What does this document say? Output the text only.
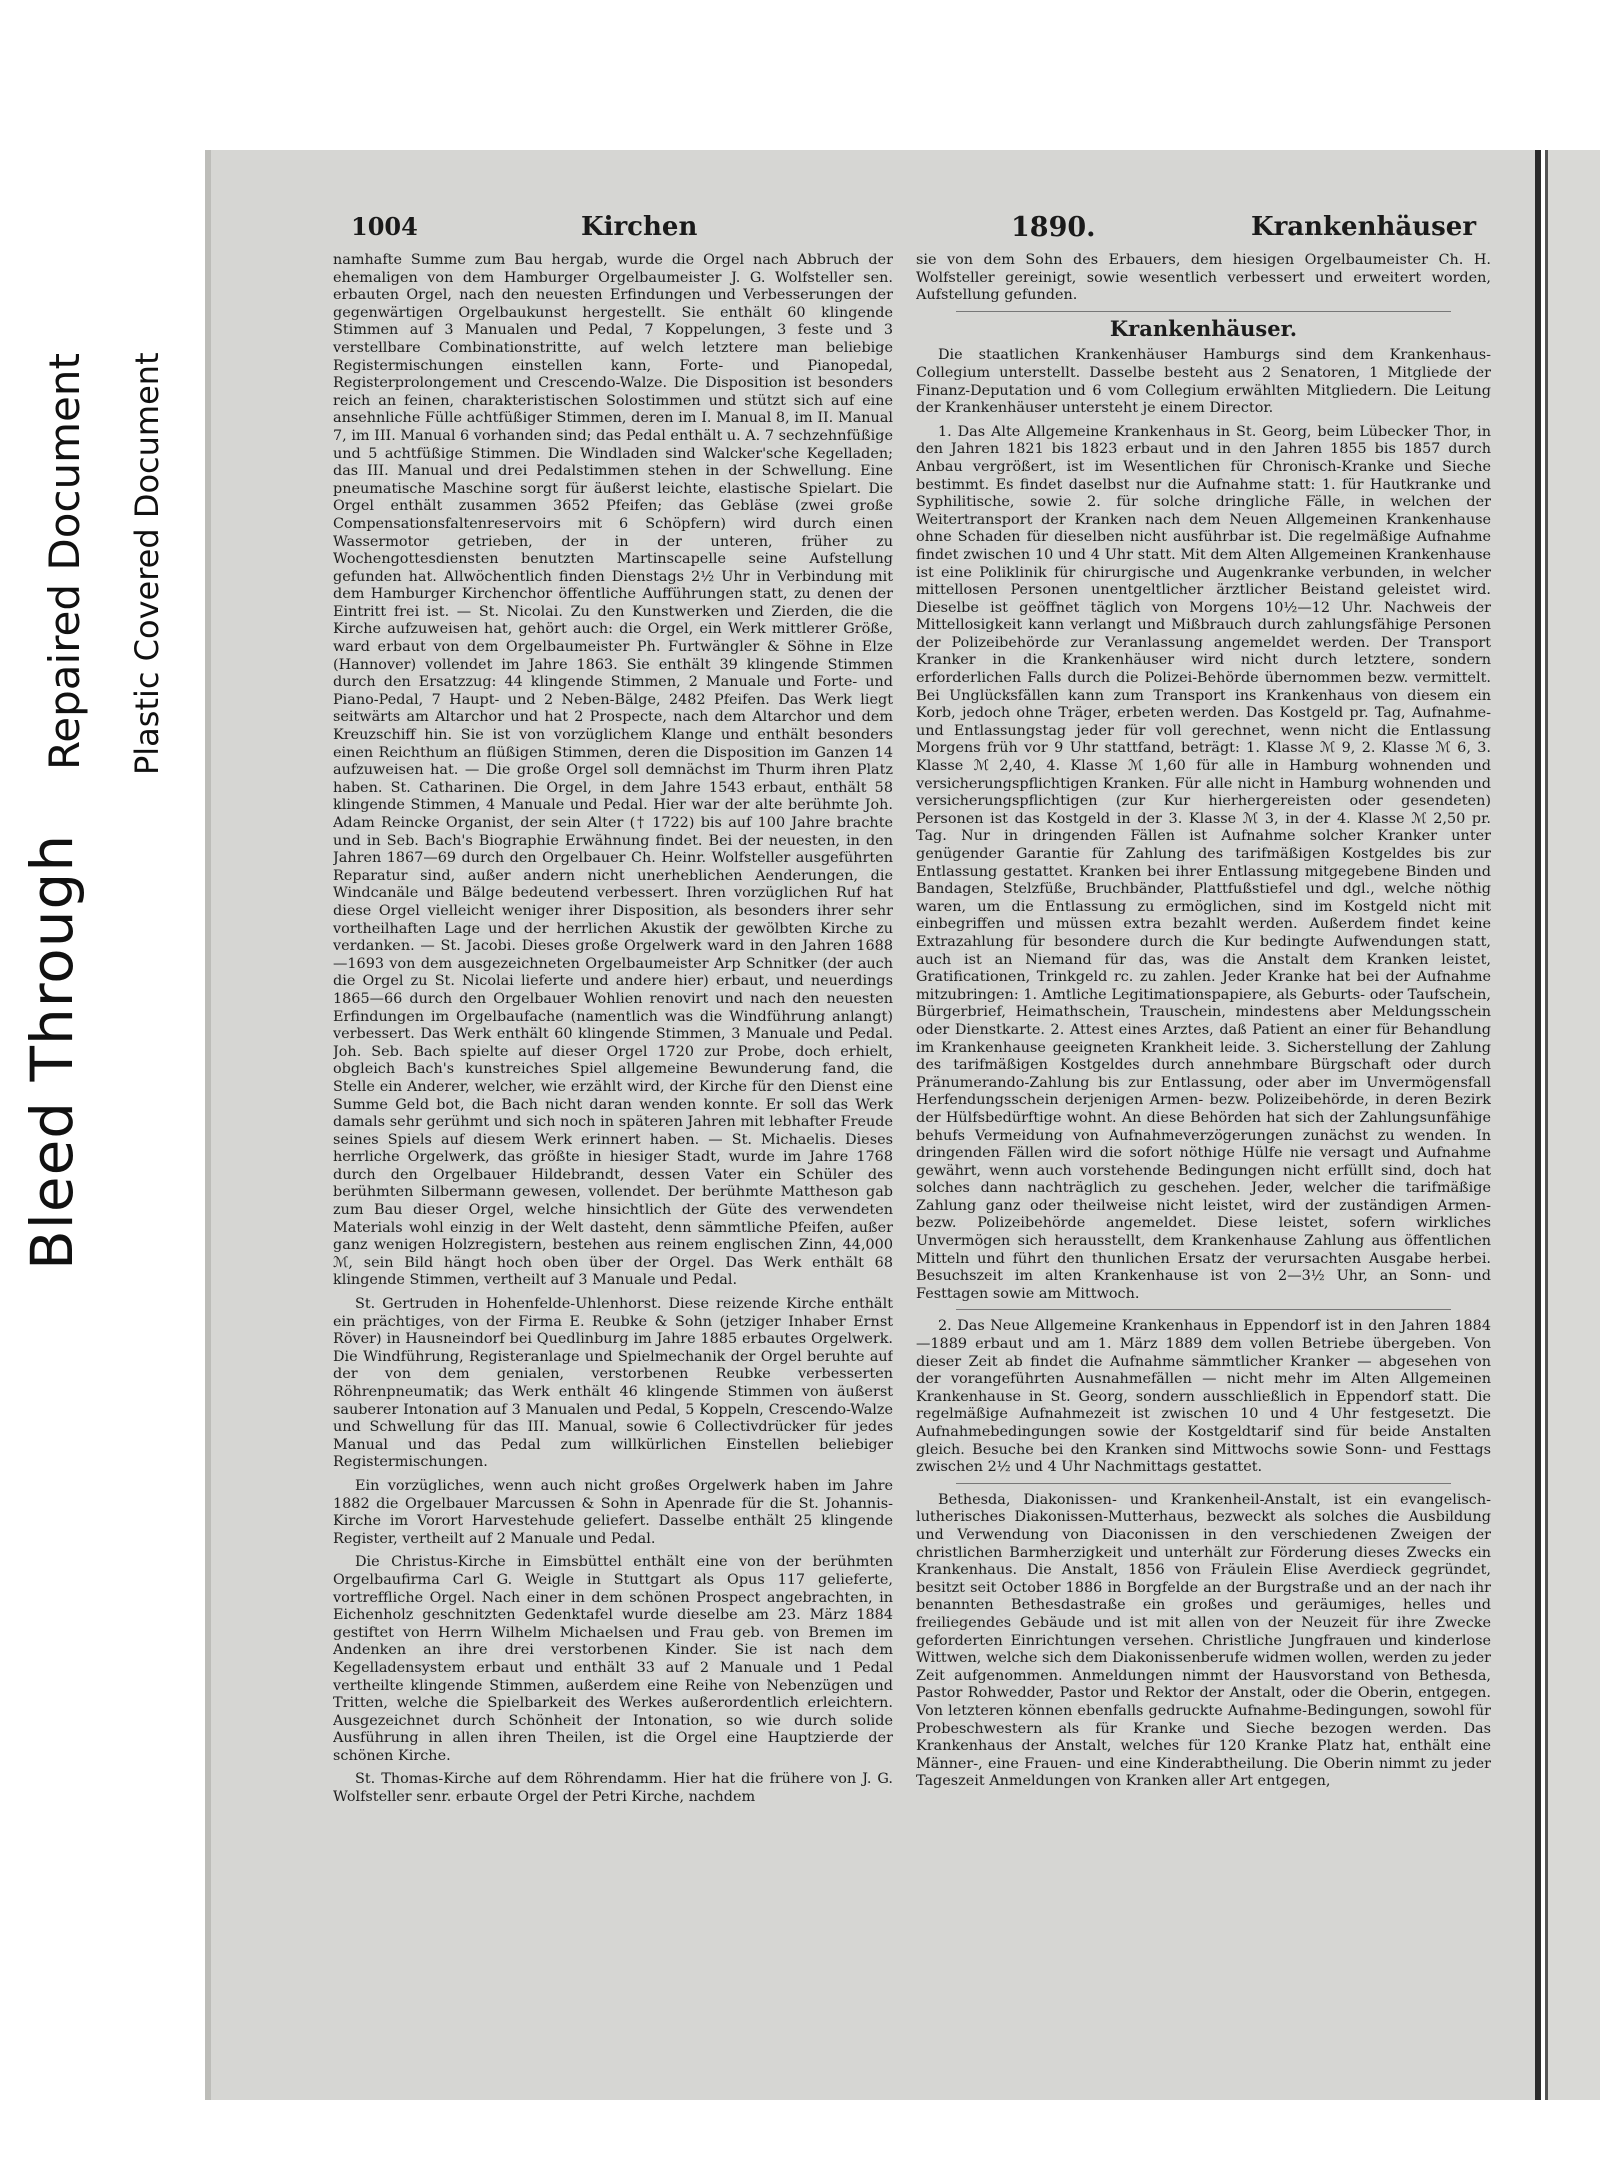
Bleed Through
Repaired Document Plastic Covered Document
1004	Kirchen	1890.	Krankenhäuser

namhafte Summe zum Bau hergab, wurde die Orgel nach Abbruch der ehemaligen von dem Hamburger Orgelbaumeister J. G. Wolfsteller sen. erbauten Orgel, nach den neuesten Erfindungen und Verbesserungen der gegenwärtigen Orgelbaukunst hergestellt. Sie enthält 60 klingende Stimmen auf 3 Manualen und Pedal, 7 Koppelungen, 3 feste und 3 verstellbare Combinationstritte, auf welch letztere man beliebige Registermischungen einstellen kann, Forte- und Pianopedal, Registerprolongement und Crescendo-Walze. Die Disposition ist besonders reich an feinen, charakteristischen Solostimmen und stützt sich auf eine ansehnliche Fülle achtfüßiger Stimmen, deren im I. Manual 8, im II. Manual 7, im III. Manual 6 vorhanden sind; das Pedal enthält u. A. 7 sechzehnfüßige und 5 achtfüßige Stimmen. Die Windladen sind Walcker'sche Kegelladen; das III. Manual und drei Pedalstimmen stehen in der Schwellung. Eine pneumatische Maschine sorgt für äußerst leichte, elastische Spielart. Die Orgel enthält zusammen 3652 Pfeifen; das Gebläse (zwei große Compensationsfaltenreservoirs mit 6 Schöpfern) wird durch einen Wassermotor getrieben, der in der unteren, früher zu Wochengottesdiensten benutzten Martinscapelle seine Aufstellung gefunden hat. Allwöchentlich finden Dienstags 2½ Uhr in Verbindung mit dem Hamburger Kirchenchor öffentliche Aufführungen statt, zu denen der Eintritt frei ist. — St. Nicolai. Zu den Kunstwerken und Zierden, die die Kirche aufzuweisen hat, gehört auch: die Orgel, ein Werk mittlerer Größe, ward erbaut von dem Orgelbaumeister Ph. Furtwängler & Söhne in Elze (Hannover) vollendet im Jahre 1863. Sie enthält 39 klingende Stimmen durch den Ersatzzug: 44 klingende Stimmen, 2 Manuale und Forte- und Piano-Pedal, 7 Haupt- und 2 Neben-Bälge, 2482 Pfeifen. Das Werk liegt seitwärts am Altarchor und hat 2 Prospecte, nach dem Altarchor und dem Kreuzschiff hin. Sie ist von vorzüglichem Klange und enthält besonders einen Reichthum an flüßigen Stimmen, deren die Disposition im Ganzen 14 aufzuweisen hat. — Die große Orgel soll demnächst im Thurm ihren Platz haben. St. Catharinen. Die Orgel, in dem Jahre 1543 erbaut, enthält 58 klingende Stimmen, 4 Manuale und Pedal. Hier war der alte berühmte Joh. Adam Reincke Organist, der sein Alter († 1722) bis auf 100 Jahre brachte und in Seb. Bach's Biographie Erwähnung findet. Bei der neuesten, in den Jahren 1867—69 durch den Orgelbauer Ch. Heinr. Wolfsteller ausgeführten Reparatur sind, außer andern nicht unerheblichen Aenderungen, die Windcanäle und Bälge bedeutend verbessert. Ihren vorzüglichen Ruf hat diese Orgel vielleicht weniger ihrer Disposition, als besonders ihrer sehr vortheilhaften Lage und der herrlichen Akustik der gewölbten Kirche zu verdanken. — St. Jacobi. Dieses große Orgelwerk ward in den Jahren 1688—1693 von dem ausgezeichneten Orgelbaumeister Arp Schnitker (der auch die Orgel zu St. Nicolai lieferte und andere hier) erbaut, und neuerdings 1865—66 durch den Orgelbauer Wohlien renovirt und nach den neuesten Erfindungen im Orgelbaufache (namentlich was die Windführung anlangt) verbessert. Das Werk enthält 60 klingende Stimmen, 3 Manuale und Pedal. Joh. Seb. Bach spielte auf dieser Orgel 1720 zur Probe, doch erhielt, obgleich Bach's kunstreiches Spiel allgemeine Bewunderung fand, die Stelle ein Anderer, welcher, wie erzählt wird, der Kirche für den Dienst eine Summe Geld bot, die Bach nicht daran wenden konnte. Er soll das Werk damals sehr gerühmt und sich noch in späteren Jahren mit lebhafter Freude seines Spiels auf diesem Werk erinnert haben. — St. Michaelis. Dieses herrliche Orgelwerk, das größte in hiesiger Stadt, wurde im Jahre 1768 durch den Orgelbauer Hildebrandt, dessen Vater ein Schüler des berühmten Silbermann gewesen, vollendet. Der berühmte Mattheson gab zum Bau dieser Orgel, welche hinsichtlich der Güte des verwendeten Materials wohl einzig in der Welt dasteht, denn sämmtliche Pfeifen, außer ganz wenigen Holzregistern, bestehen aus reinem englischen Zinn, 44,000 ℳ, sein Bild hängt hoch oben über der Orgel. Das Werk enthält 68 klingende Stimmen, vertheilt auf 3 Manuale und Pedal.

St. Gertruden in Hohenfelde-Uhlenhorst. Diese reizende Kirche enthält ein prächtiges, von der Firma E. Reubke & Sohn (jetziger Inhaber Ernst Röver) in Hausneindorf bei Quedlinburg im Jahre 1885 erbautes Orgelwerk. Die Windführung, Registeranlage und Spielmechanik der Orgel beruhte auf der von dem genialen, verstorbenen Reubke verbesserten Röhrenpneumatik; das Werk enthält 46 klingende Stimmen von äußerst sauberer Intonation auf 3 Manualen und Pedal, 5 Koppeln, Crescendo-Walze und Schwellung für das III. Manual, sowie 6 Collectivdrücker für jedes Manual und das Pedal zum willkürlichen Einstellen beliebiger Registermischungen.

Ein vorzügliches, wenn auch nicht großes Orgelwerk haben im Jahre 1882 die Orgelbauer Marcussen & Sohn in Apenrade für die St. Johannis-Kirche im Vorort Harvestehude geliefert. Dasselbe enthält 25 klingende Register, vertheilt auf 2 Manuale und Pedal.

Die Christus-Kirche in Eimsbüttel enthält eine von der berühmten Orgelbaufirma Carl G. Weigle in Stuttgart als Opus 117 gelieferte, vortreffliche Orgel. Nach einer in dem schönen Prospect angebrachten, in Eichenholz geschnitzten Gedenktafel wurde dieselbe am 23. März 1884 gestiftet von Herrn Wilhelm Michaelsen und Frau geb. von Bremen im Andenken an ihre drei verstorbenen Kinder. Sie ist nach dem Kegelladensystem erbaut und enthält 33 auf 2 Manuale und 1 Pedal vertheilte klingende Stimmen, außerdem eine Reihe von Nebenzügen und Tritten, welche die Spielbarkeit des Werkes außerordentlich erleichtern. Ausgezeichnet durch Schönheit der Intonation, so wie durch solide Ausführung in allen ihren Theilen, ist die Orgel eine Hauptzierde der schönen Kirche.

St. Thomas-Kirche auf dem Röhrendamm. Hier hat die frühere von J. G. Wolfsteller senr. erbaute Orgel der Petri Kirche, nachdem

sie von dem Sohn des Erbauers, dem hiesigen Orgelbaumeister Ch. H. Wolfsteller gereinigt, sowie wesentlich verbessert und erweitert worden, Aufstellung gefunden.

Krankenhäuser.

Die staatlichen Krankenhäuser Hamburgs sind dem Krankenhaus-Collegium unterstellt. Dasselbe besteht aus 2 Senatoren, 1 Mitgliede der Finanz-Deputation und 6 vom Collegium erwählten Mitgliedern. Die Leitung der Krankenhäuser untersteht je einem Director.

1. Das Alte Allgemeine Krankenhaus in St. Georg, beim Lübecker Thor, in den Jahren 1821 bis 1823 erbaut und in den Jahren 1855 bis 1857 durch Anbau vergrößert, ist im Wesentlichen für Chronisch-Kranke und Sieche bestimmt. Es findet daselbst nur die Aufnahme statt: 1. für Hautkranke und Syphilitische, sowie 2. für solche dringliche Fälle, in welchen der Weitertransport der Kranken nach dem Neuen Allgemeinen Krankenhause ohne Schaden für dieselben nicht ausführbar ist. Die regelmäßige Aufnahme findet zwischen 10 und 4 Uhr statt. Mit dem Alten Allgemeinen Krankenhause ist eine Poliklinik für chirurgische und Augenkranke verbunden, in welcher mittellosen Personen unentgeltlicher ärztlicher Beistand geleistet wird. Dieselbe ist geöffnet täglich von Morgens 10½—12 Uhr. Nachweis der Mittellosigkeit kann verlangt und Mißbrauch durch zahlungsfähige Personen der Polizeibehörde zur Veranlassung angemeldet werden. Der Transport Kranker in die Krankenhäuser wird nicht durch letztere, sondern erforderlichen Falls durch die Polizei-Behörde übernommen bezw. vermittelt. Bei Unglücksfällen kann zum Transport ins Krankenhaus von diesem ein Korb, jedoch ohne Träger, erbeten werden. Das Kostgeld pr. Tag, Aufnahme- und Entlassungstag jeder für voll gerechnet, wenn nicht die Entlassung Morgens früh vor 9 Uhr stattfand, beträgt: 1. Klasse ℳ 9, 2. Klasse ℳ 6, 3. Klasse ℳ 2,40, 4. Klasse ℳ 1,60 für alle in Hamburg wohnenden und versicherungspflichtigen Kranken. Für alle nicht in Hamburg wohnenden und versicherungspflichtigen (zur Kur hierhergereisten oder gesendeten) Personen ist das Kostgeld in der 3. Klasse ℳ 3, in der 4. Klasse ℳ 2,50 pr. Tag. Nur in dringenden Fällen ist Aufnahme solcher Kranker unter genügender Garantie für Zahlung des tarifmäßigen Kostgeldes bis zur Entlassung gestattet. Kranken bei ihrer Entlassung mitgegebene Binden und Bandagen, Stelzfüße, Bruchbänder, Plattfußstiefel und dgl., welche nöthig waren, um die Entlassung zu ermöglichen, sind im Kostgeld nicht mit einbegriffen und müssen extra bezahlt werden. Außerdem findet keine Extrazahlung für besondere durch die Kur bedingte Aufwendungen statt, auch ist an Niemand für das, was die Anstalt dem Kranken leistet, Gratificationen, Trinkgeld rc. zu zahlen. Jeder Kranke hat bei der Aufnahme mitzubringen: 1. Amtliche Legitimationspapiere, als Geburts- oder Taufschein, Bürgerbrief, Heimathschein, Trauschein, mindestens aber Meldungsschein oder Dienstkarte. 2. Attest eines Arztes, daß Patient an einer für Behandlung im Krankenhause geeigneten Krankheit leide. 3. Sicherstellung der Zahlung des tarifmäßigen Kostgeldes durch annehmbare Bürgschaft oder durch Pränumerando-Zahlung bis zur Entlassung, oder aber im Unvermögensfall Herfendungsschein derjenigen Armen- bezw. Polizeibehörde, in deren Bezirk der Hülfsbedürftige wohnt. An diese Behörden hat sich der Zahlungsunfähige behufs Vermeidung von Aufnahmeverzögerungen zunächst zu wenden. In dringenden Fällen wird die sofort nöthige Hülfe nie versagt und Aufnahme gewährt, wenn auch vorstehende Bedingungen nicht erfüllt sind, doch hat solches dann nachträglich zu geschehen. Jeder, welcher die tarifmäßige Zahlung ganz oder theilweise nicht leistet, wird der zuständigen Armen- bezw. Polizeibehörde angemeldet. Diese leistet, sofern wirkliches Unvermögen sich herausstellt, dem Krankenhause Zahlung aus öffentlichen Mitteln und führt den thunlichen Ersatz der verursachten Ausgabe herbei. Besuchszeit im alten Krankenhause ist von 2—3½ Uhr, an Sonn- und Festtagen sowie am Mittwoch.

2. Das Neue Allgemeine Krankenhaus in Eppendorf ist in den Jahren 1884—1889 erbaut und am 1. März 1889 dem vollen Betriebe übergeben. Von dieser Zeit ab findet die Aufnahme sämmtlicher Kranker — abgesehen von der vorangeführten Ausnahmefällen — nicht mehr im Alten Allgemeinen Krankenhause in St. Georg, sondern ausschließlich in Eppendorf statt. Die regelmäßige Aufnahmezeit ist zwischen 10 und 4 Uhr festgesetzt. Die Aufnahmebedingungen sowie der Kostgeldtarif sind für beide Anstalten gleich. Besuche bei den Kranken sind Mittwochs sowie Sonn- und Festtags zwischen 2½ und 4 Uhr Nachmittags gestattet.

Bethesda, Diakonissen- und Krankenheil-Anstalt, ist ein evangelisch-lutherisches Diakonissen-Mutterhaus, bezweckt als solches die Ausbildung und Verwendung von Diaconissen in den verschiedenen Zweigen der christlichen Barmherzigkeit und unterhält zur Förderung dieses Zwecks ein Krankenhaus. Die Anstalt, 1856 von Fräulein Elise Averdieck gegründet, besitzt seit October 1886 in Borgfelde an der Burgstraße und an der nach ihr benannten Bethesdastraße ein großes und geräumiges, helles und freiliegendes Gebäude und ist mit allen von der Neuzeit für ihre Zwecke geforderten Einrichtungen versehen. Christliche Jungfrauen und kinderlose Wittwen, welche sich dem Diakonissenberufe widmen wollen, werden zu jeder Zeit aufgenommen. Anmeldungen nimmt der Hausvorstand von Bethesda, Pastor Rohwedder, Pastor und Rektor der Anstalt, oder die Oberin, entgegen. Von letzteren können ebenfalls gedruckte Aufnahme-Bedingungen, sowohl für Probeschwestern als für Kranke und Sieche bezogen werden. Das Krankenhaus der Anstalt, welches für 120 Kranke Platz hat, enthält eine Männer-, eine Frauen- und eine Kinderabtheilung. Die Oberin nimmt zu jeder Tageszeit Anmeldungen von Kranken aller Art entgegen,
